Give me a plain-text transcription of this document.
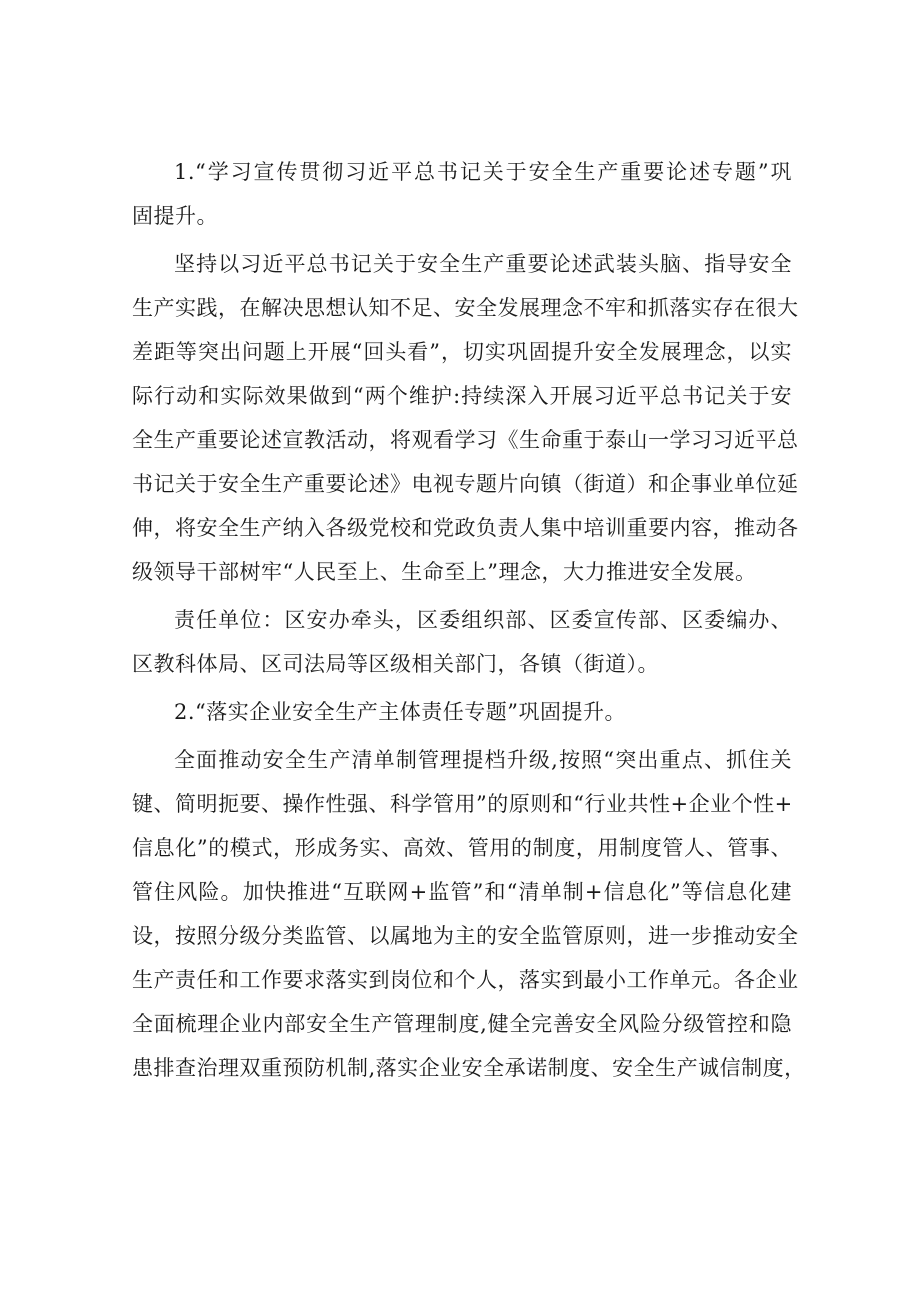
1.“学习宣传贯彻习近平总书记关于安全生产重要论述专题”巩
固提升。
坚持以习近平总书记关于安全生产重要论述武装头脑、指导安全
生产实践，在解决思想认知不足、安全发展理念不牢和抓落实存在很大
差距等突出问题上开展“回头看”，切实巩固提升安全发展理念，以实
际行动和实际效果做到“两个维护:持续深入开展习近平总书记关于安
全生产重要论述宣教活动，将观看学习《生命重于泰山一学习习近平总
书记关于安全生产重要论述》电视专题片向镇（街道）和企事业单位延
伸，将安全生产纳入各级党校和党政负责人集中培训重要内容，推动各
级领导干部树牢“人民至上、生命至上”理念，大力推进安全发展。
责任单位：区安办牵头，区委组织部、区委宣传部、区委编办、
区教科体局、区司法局等区级相关部门，各镇（街道）。
2.“落实企业安全生产主体责任专题”巩固提升。
全面推动安全生产清单制管理提档升级,按照“突出重点、抓住关
键、简明扼要、操作性强、科学管用”的原则和“行业共性+企业个性+
信息化”的模式，形成务实、高效、管用的制度，用制度管人、管事、
管住风险。加快推进“互联网+监管”和“清单制+信息化”等信息化建
设，按照分级分类监管、以属地为主的安全监管原则，进一步推动安全
生产责任和工作要求落实到岗位和个人，落实到最小工作单元。各企业
全面梳理企业内部安全生产管理制度,健全完善安全风险分级管控和隐
患排查治理双重预防机制,落实企业安全承诺制度、安全生产诚信制度，
